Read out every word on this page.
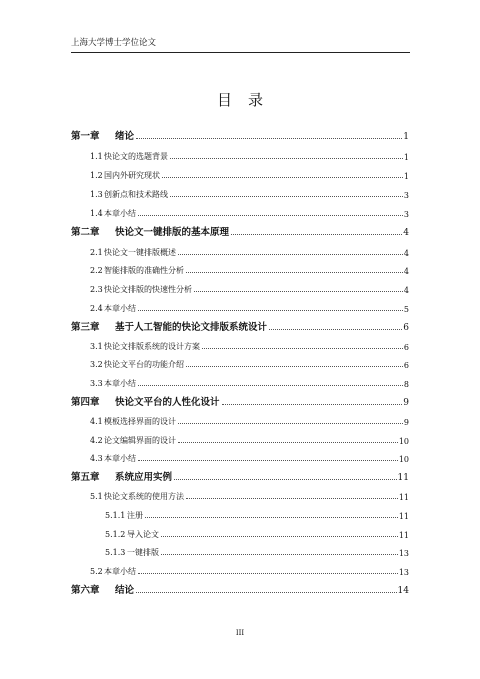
上海大学博士学位论文
目录
第一章 绪论	1
1.1快论文的选题背景	1
1.2国内外研究现状	1
1.3创新点和技术路线	3
1.4本章小结	3
第二章 快论文一键排版的基本原理	4
2.1快论文一键排版概述	4
2.2智能排版的准确性分析	4
2.3快论文排版的快速性分析	4
2.4本章小结	5
第三章 基于人工智能的快论文排版系统设计	6
3.1快论文排版系统的设计方案	6
3.2快论文平台的功能介绍	6
3.3本章小结	8
第四章 快论文平台的人性化设计	9
4.1模板选择界面的设计	9
4.2论文编辑界面的设计	10
4.3本章小结	10
第五章 系统应用实例	11
5.1快论文系统的使用方法	11
5.1.1 注册	11
5.1.2 导入论文	11
5.1.3 一键排版	13
5.2本章小结	13
第六章 结论	14
III
